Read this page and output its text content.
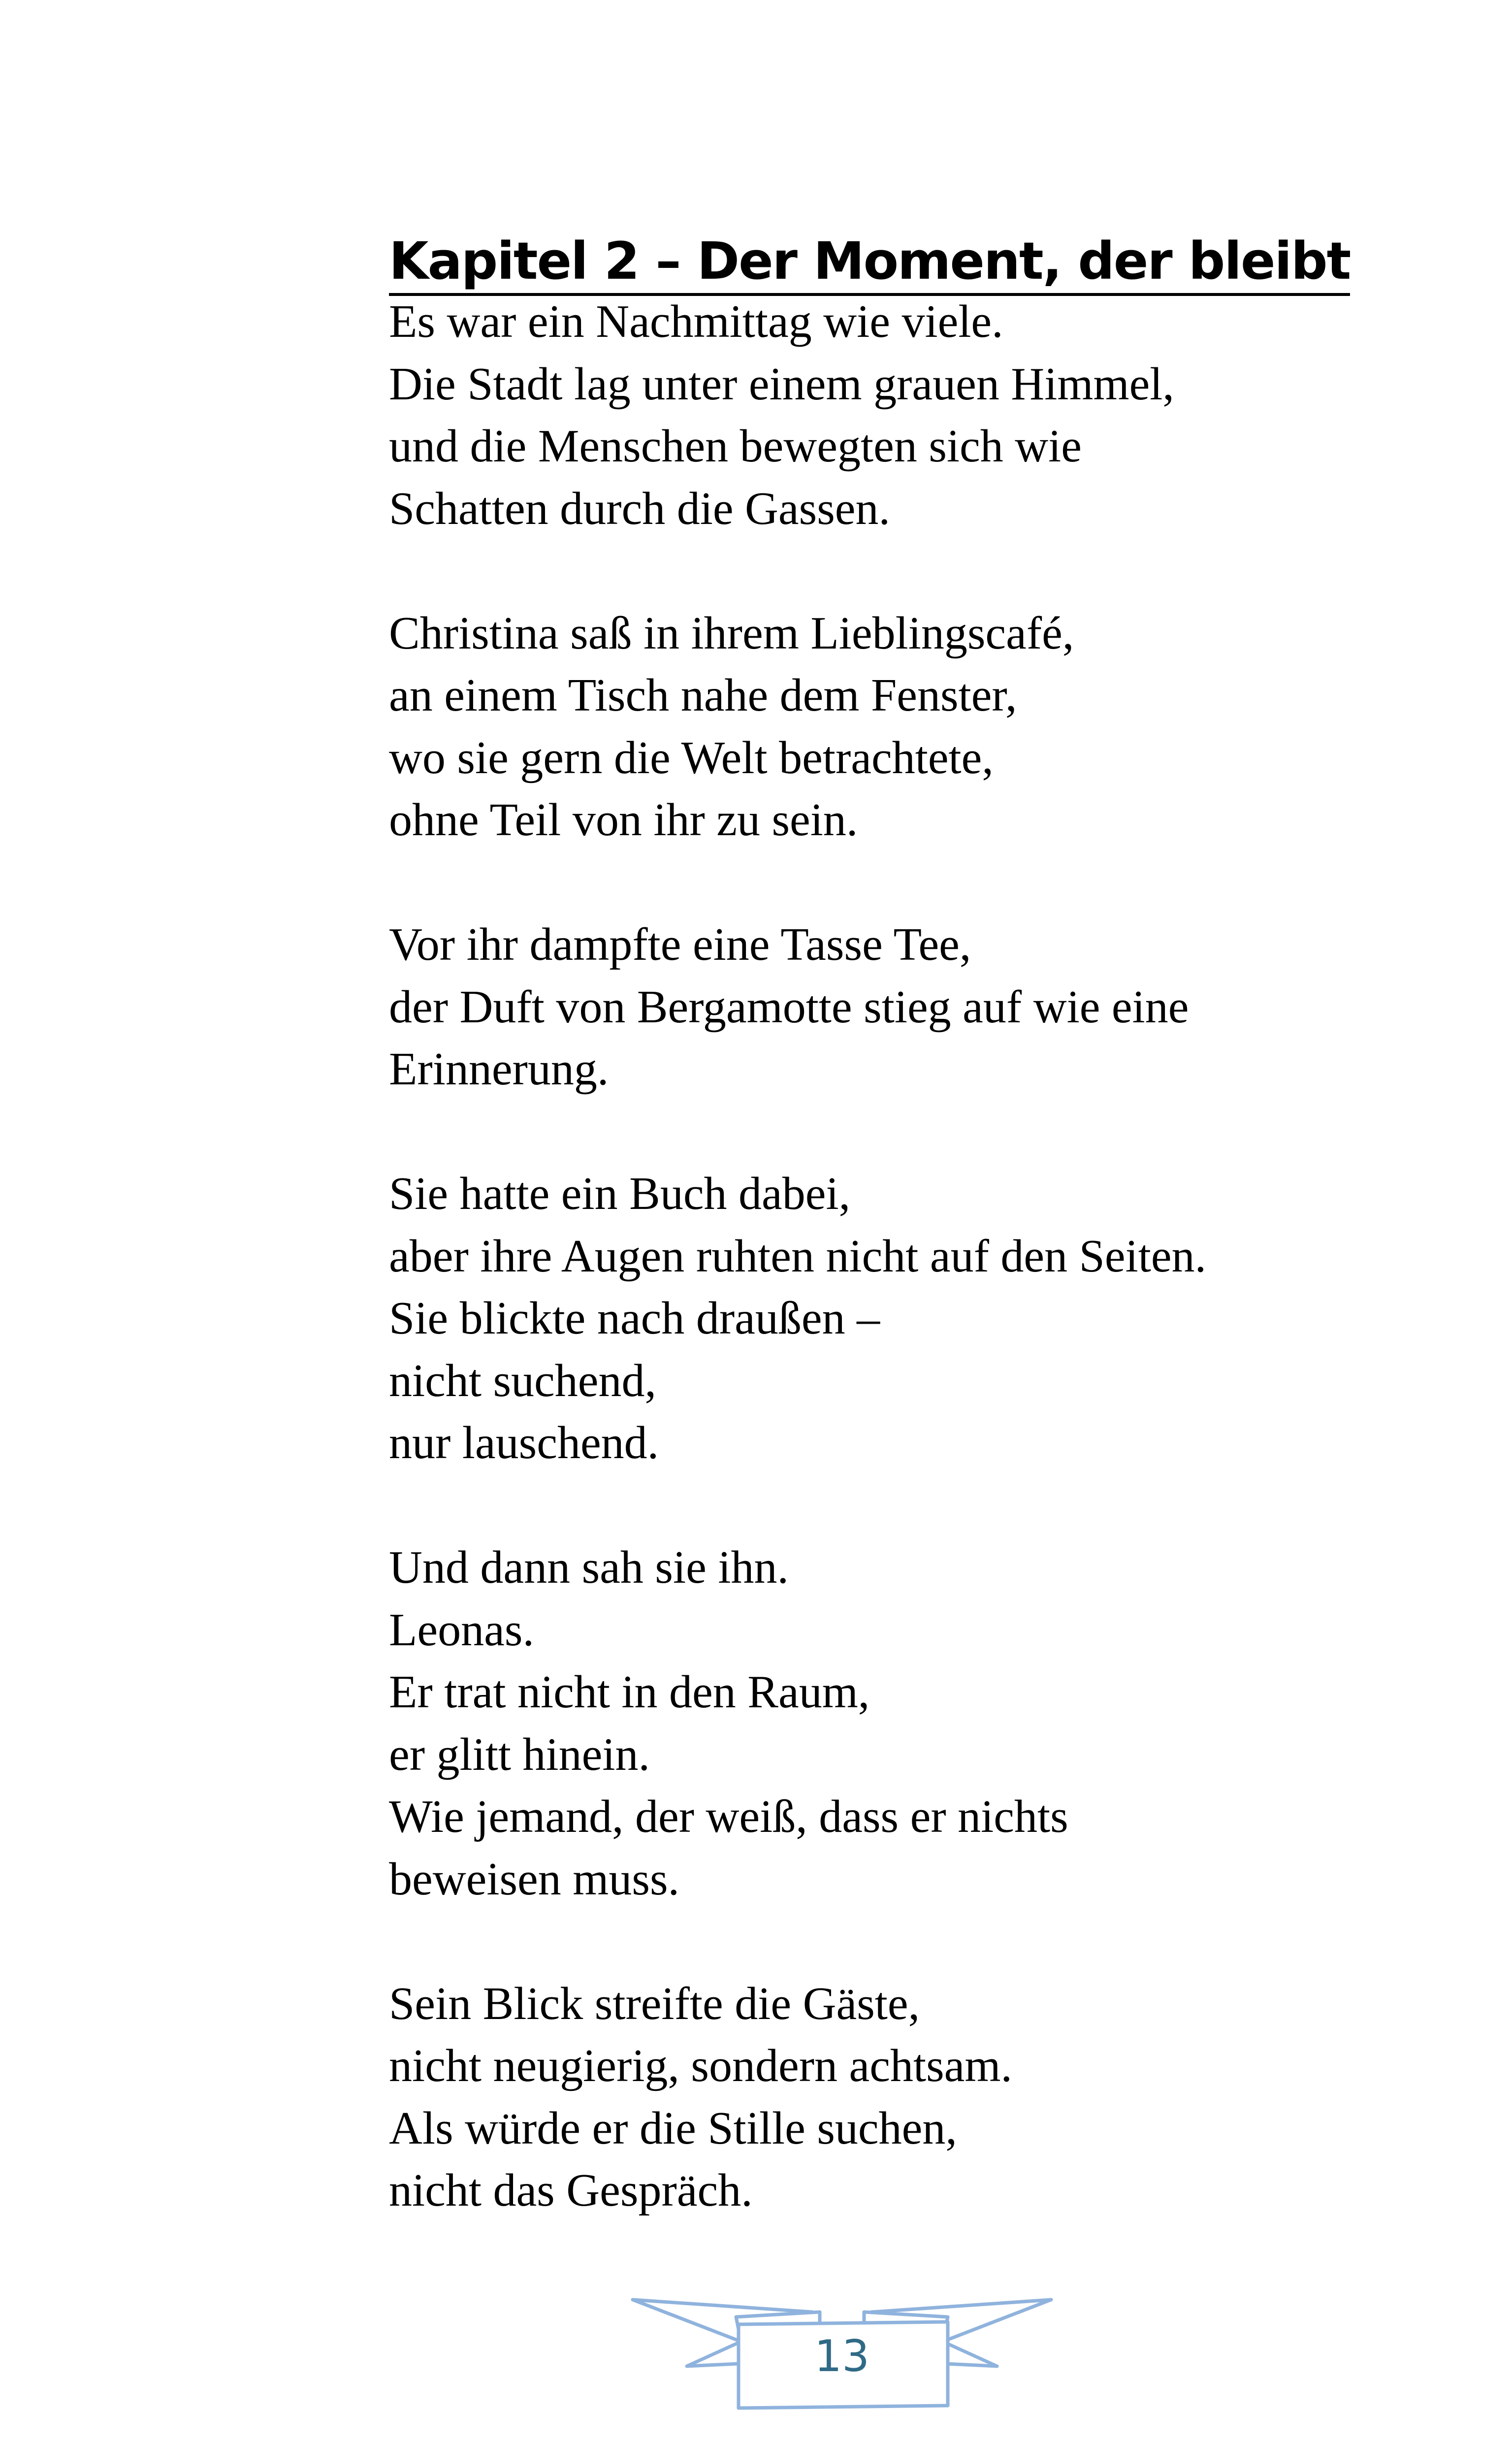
Kapitel 2 – Der Moment, der bleibt
Es war ein Nachmittag wie viele.
Die Stadt lag unter einem grauen Himmel,
und die Menschen bewegten sich wie
Schatten durch die Gassen.
Christina saß in ihrem Lieblingscafé,
an einem Tisch nahe dem Fenster,
wo sie gern die Welt betrachtete,
ohne Teil von ihr zu sein.
Vor ihr dampfte eine Tasse Tee,
der Duft von Bergamotte stieg auf wie eine
Erinnerung.
Sie hatte ein Buch dabei,
aber ihre Augen ruhten nicht auf den Seiten.
Sie blickte nach draußen –
nicht suchend,
nur lauschend.
Und dann sah sie ihn.
Leonas.
Er trat nicht in den Raum,
er glitt hinein.
Wie jemand, der weiß, dass er nichts
beweisen muss.
Sein Blick streifte die Gäste,
nicht neugierig, sondern achtsam.
Als würde er die Stille suchen,
nicht das Gespräch.
13
